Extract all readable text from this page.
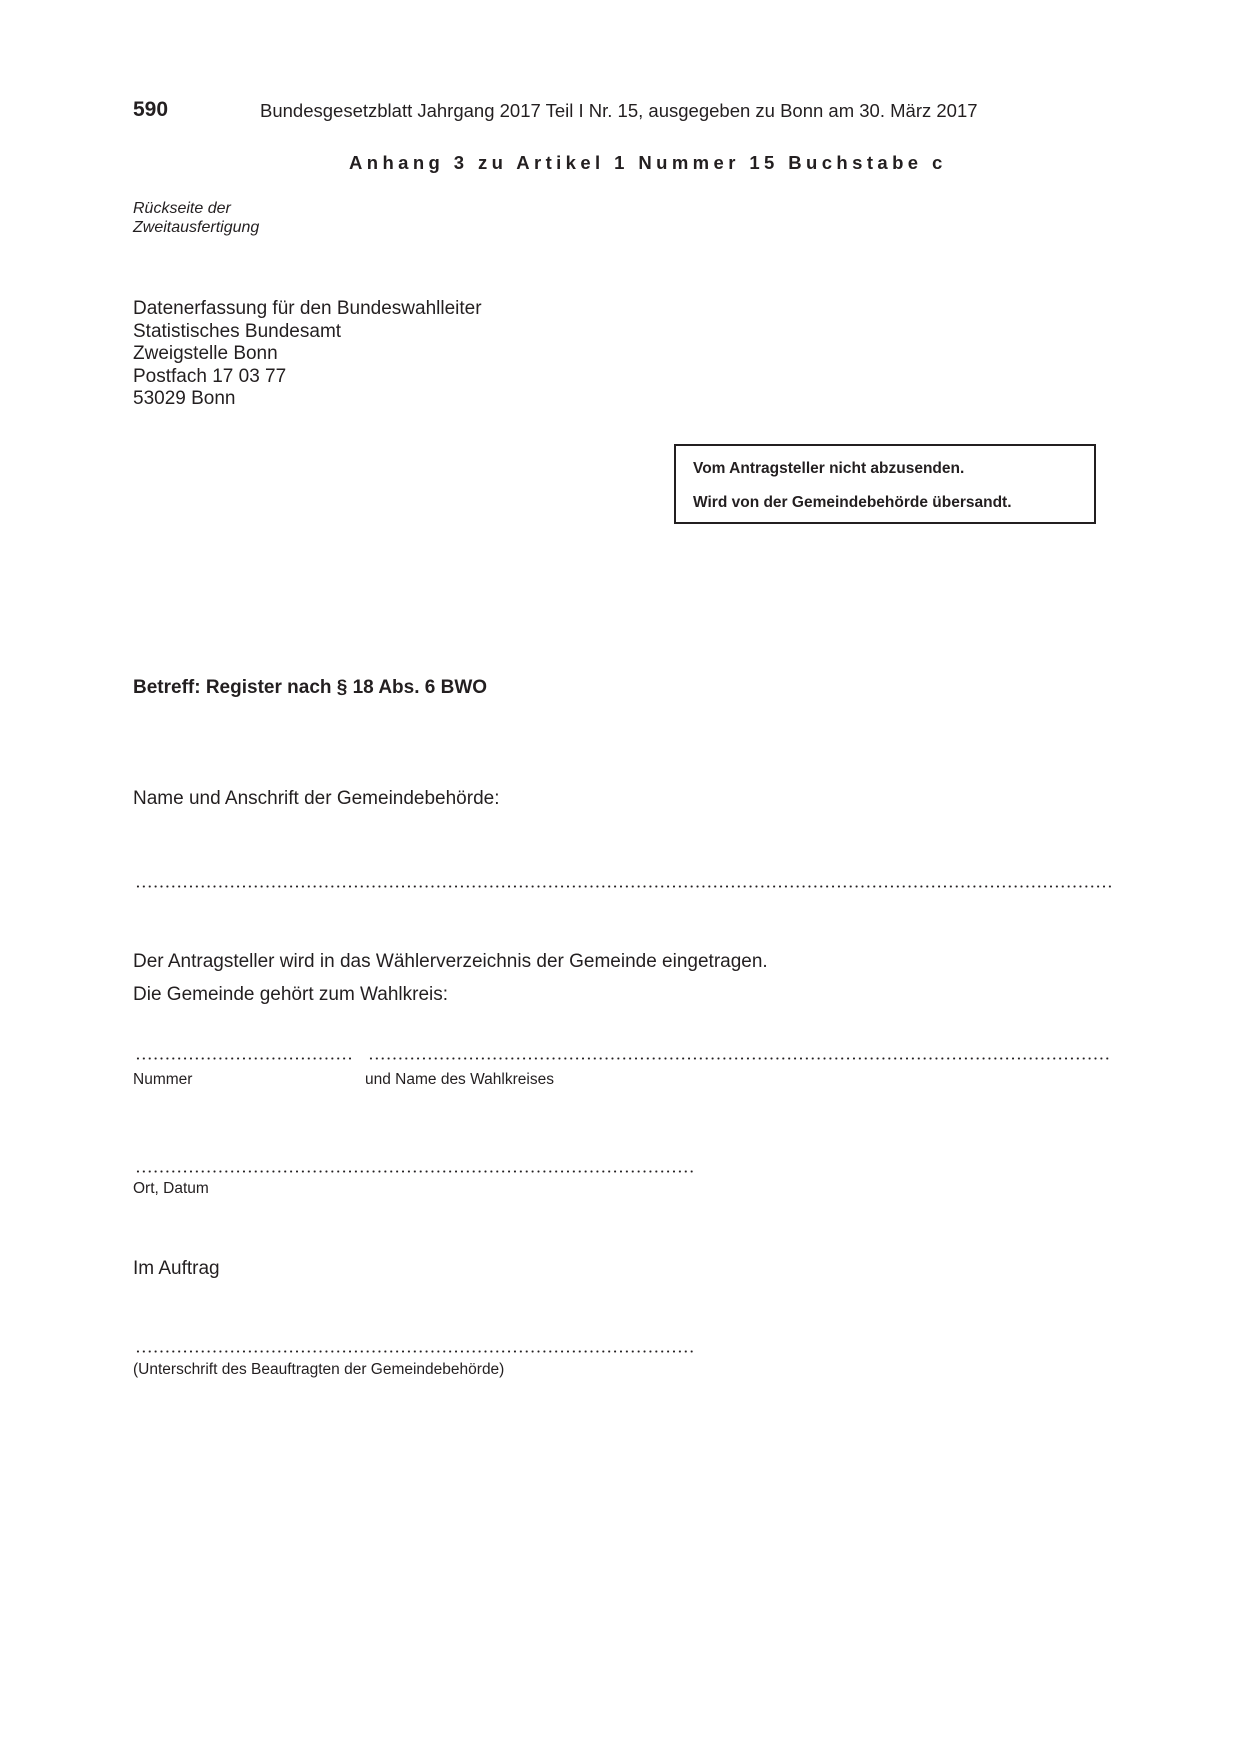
590	Bundesgesetzblatt Jahrgang 2017 Teil I Nr. 15, ausgegeben zu Bonn am 30. März 2017
Anhang 3 zu Artikel 1 Nummer 15 Buchstabe c
Rückseite der
Zweitausfertigung
Datenerfassung für den Bundeswahlleiter
Statistisches Bundesamt
Zweigstelle Bonn
Postfach 17 03 77
53029 Bonn
Vom Antragsteller nicht abzusenden.
Wird von der Gemeindebehörde übersandt.
Betreff: Register nach § 18 Abs. 6 BWO
Name und Anschrift der Gemeindebehörde:
Der Antragsteller wird in das Wählerverzeichnis der Gemeinde eingetragen.
Die Gemeinde gehört zum Wahlkreis:
Nummer	und Name des Wahlkreises
Ort, Datum
Im Auftrag
(Unterschrift des Beauftragten der Gemeindebehörde)
